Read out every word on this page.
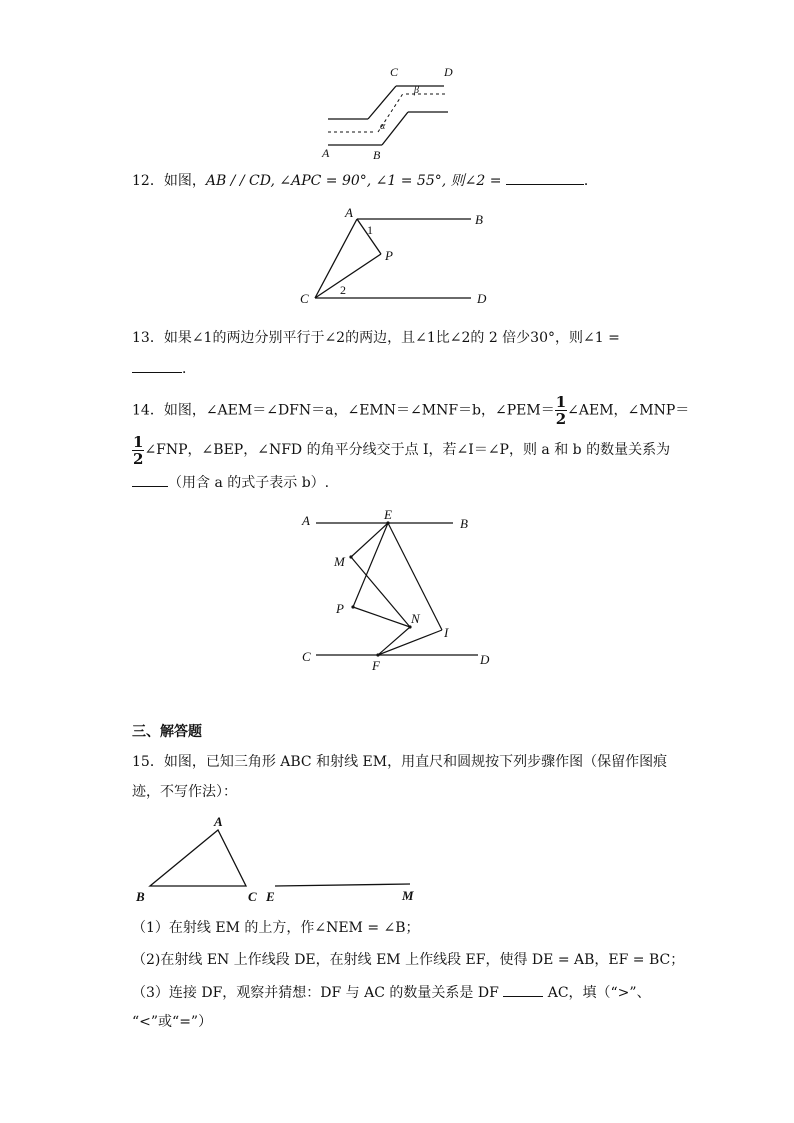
C	D
A	B
β
α
12．如图，AB / / CD, ∠APC = 90°, ∠1 = 55°, 则∠2 =	．
A	B
C	D
P
1
2
13．如果∠1的两边分别平行于∠2的两边，且∠1比∠2的 2 倍少30°，则∠1 =
．
14．如图，∠AEM＝∠DFN＝a，∠EMN＝∠MNF＝b，∠PEM＝ $\frac{1}{2}$ ∠AEM，∠MNP＝
$\frac{1}{2}$ ∠FNP，∠BEP，∠NFD 的角平分线交于点 I，若∠I＝∠P，则 a 和 b 的数量关系为
（用含 a 的式子表示 b）.
A	B
E
M
P
N
I
C
F	D
三、解答题
15．如图，已知三角形 ABC 和射线 EM，用直尺和圆规按下列步骤作图（保留作图痕
迹，不写作法）：
A
B	C E	M
（1）在射线 EM 的上方，作∠NEM = ∠B；
（2)在射线 EN 上作线段 DE，在射线 EM 上作线段 EF，使得 DE = AB，EF = BC；
（3）连接 DF，观察并猜想：DF 与 AC 的数量关系是 DF	AC，填（“>”、
“<”或“=”）
